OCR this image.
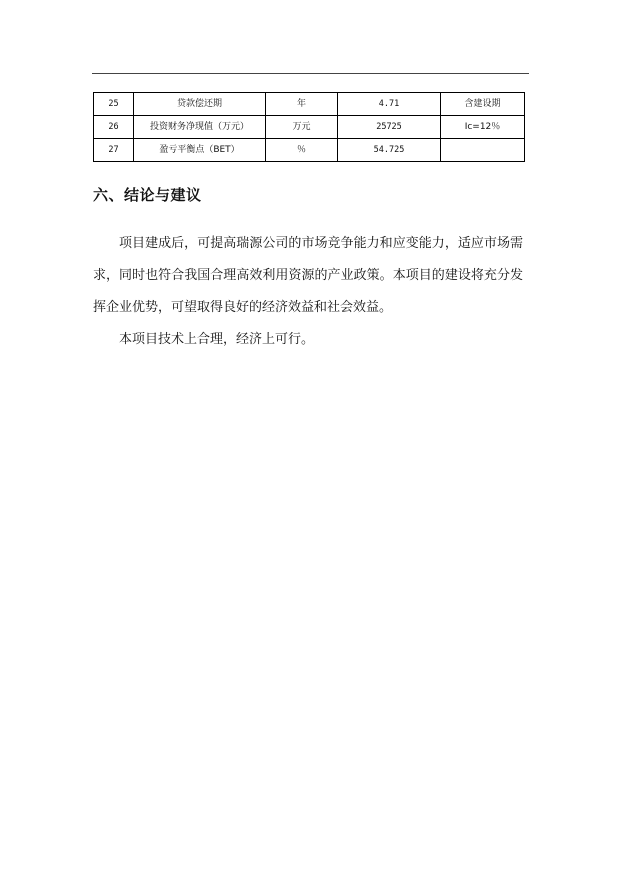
25	贷款偿还期	年	4.71	含建设期
26	投资财务净现值（万元）	万元	25725	Ic=12％
27	盈亏平衡点（BET）	％	54.725	
六、结论与建议

项目建成后，可提高瑞源公司的市场竞争能力和应变能力，适应市场需求，同时也符合我国合理高效利用资源的产业政策。本项目的建设将充分发挥企业优势，可望取得良好的经济效益和社会效益。

本项目技术上合理，经济上可行。
